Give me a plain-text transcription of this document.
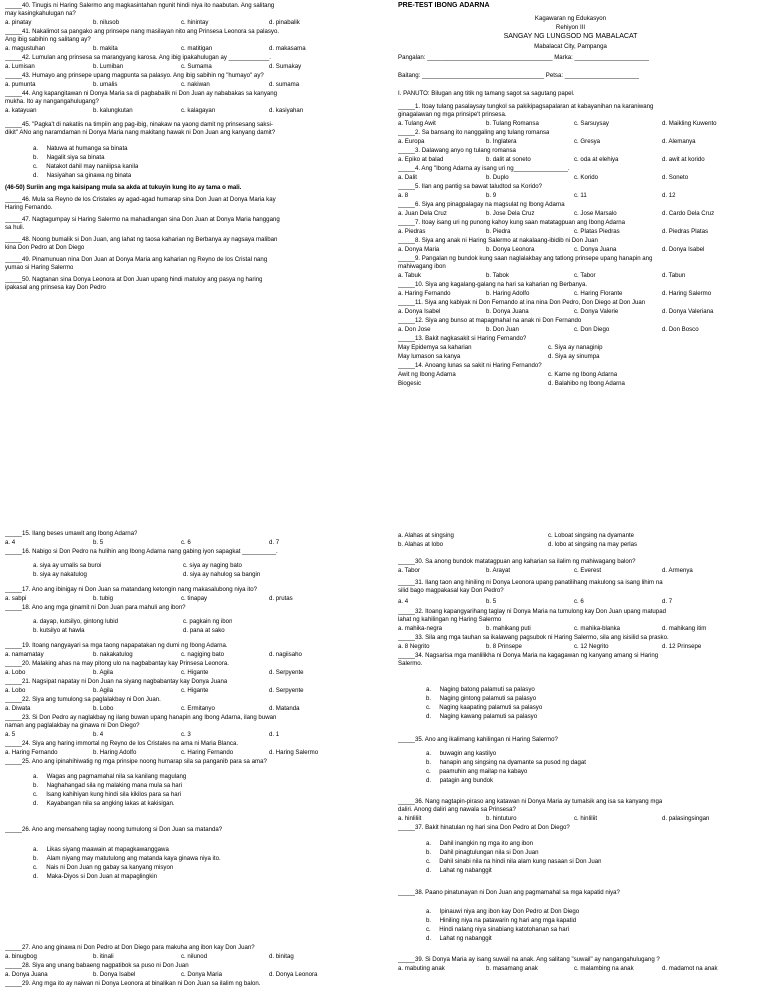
_____40. Tinugis ni Haring Salermo ang magkasintahan ngunit hindi niya ito naabutan. Ang salitang
may kasingkahulugan na?
a. pinatay	b. nilusob	c. hinintay	d. pinabalik
_____41. Nakalimot sa pangako ang prinsepe nang masilayan nito ang Prinsesa Leonora sa palasyo.
Ang ibig sabihin ng salitang ay?
a. magustuhan	b. makita	c. matitigan	d. makasama
_____42. Lumulan ang prinsesa sa marangyang karosa. Ang ibig ipakahulugan ay ____________.
a. Lumisan	b. Lumiban	c. Sumama	d. Sumakay
_____43. Humayo ang prinsepe upang magpunta sa palasyo. Ang ibig sabihin ng "humayo" ay?
a. pumunta	b. umalis	c. nakiwan	d. sumama
_____44. Ang kapangitawan ni Donya Maria sa di pagbabalik ni Don Juan ay nababakas sa kanyang
mukha. Ito ay nangangahulugang?
a. katayuan	b. kalungkutan	c. kalagayan	d. kasiyahan
_____45. "Pagka't di nakatiis na timpiin ang pag-ibig, ninakaw na yaong damit ng prinsesang saksi-
dikit" ANo ang naramdaman ni Donya Maria nang makitang hawak ni Don Juan ang kanyang damit?
a.     Natuwa at humanga sa binata
b.     Nagalit siya sa binata
c.     Natakot dahil may naniiipsa kanila
d.     Nasiyahan sa ginawa ng binata
(46-50) Suriin ang mga kaisipang mula sa akda at tukuyin kung ito ay tama o mali.
_____46. Mula sa Reyno de los Cristales ay agad-agad humarap sina Don Juan at Donya Maria kay
Haring Fernando.
_____47. Nagtagumpay si Haring Salermo na mahadlangan sina Don Juan at Donya Maria hanggang
sa huli.
_____48. Noong bumalik si Don Juan, ang lahat ng taosa kaharian ng Berbanya ay nagsaya maliban
kina Don Pedro at Don Diego
_____49. Pinamunuan nina Don Juan at Donya Maria ang kaharian ng Reyno de los Cristal nang
yumao si Haring Salermo
_____50. Nagtanan sina Donya Leonora at Don Juan upang hindi matuloy ang pasya ng haring
ipakasal ang prinsesa kay Don Pedro
PRE-TEST IBONG ADARNA
Kagawaran ng Edukasyon
Rehiyon III
SANGAY NG LUNGSOD NG MABALACAT
Mabalacat City, Pampanga
Pangalan: _____________________________________ Marka: ______________________
Baitang: ____________________________________ Petsa: ______________________
I. PANUTO: Bilugan ang titik ng tamang sagot sa sagutang papel.
_____1. Itoay tulang pasalaysay tungkol sa pakikipagsapalaran at kabayanihan na karaniwang
ginagalawan ng mga prinsipe't prinsesa.
a. Tulang Awit	b. Tulang Romansa	c. Sarsuysay	d. Maikling Kuwento
_____2. Sa bansang ito nanggaling ang tulang romansa
a. Europa	b. Inglatera	c. Gresya	d. Alemanya
_____3. Dalawang anyo ng tulang romansa
a. Epiko at balad	b. dalit at soneto	c. oda at elehiya	d. awit at korido
_____4. Ang "Ibong Adarna ay isang uri ng________________.
a. Dalit	b. Duplo	c. Korido	d. Soneto
_____5. Ilan ang pantig sa bawat taludtod sa Korido?
a. 8	b. 9	c. 11	d. 12
_____6. Siya ang pinagpalagay na magsulat ng Ibong Adarna
a. Juan Dela Cruz	b. Jose Dela Cruz	c. Jose Marsalo	d. Cardo Dela Cruz
_____7. Itoay isang uri ng punong kahoy kung saan matatagpuan ang Ibong Adarna
a. Piedras	b. Piedra	c. Platas Piedras	d. Piedras Platas
_____8. Siya ang anak ni Haring Salermo at nakalaang-ibidib ni Don Juan
a. Donya Maria	b. Donya Leonora	c. Donya Juana	d. Donya Isabel
_____9. Pangalan ng bundok kung saan naglalakbay ang tatlong prinsepe upang hanapin ang
mahiwagang ibon
a. Tabuk	b. Tabok	c. Tabor	d. Tabun
_____10. Siya ang kagalang-galang na hari sa kaharian ng Berbanya.
a. Haring Fernando	b. Haring Adolfo	c. Haring Florante	d. Haring Salermo
_____11. Siya ang kabiyak ni Don Fernando at ina nina Don Pedro, Don Diego at Don Juan
a. Donya Isabel	b. Donya Juana	c. Donya Valerie	d. Donya Valeriana
_____12. Siya ang bunso at mapagmahal na anak ni Don Fernando
a. Don Jose	b. Don Juan	c. Don Diego	d. Don Bosco
_____13. Bakit nagkasakit si Haring Fernando?
May Epidemya sa kaharian	c. Siya ay nanaginip
May lumason sa kanya	d. Siya ay sinumpa
_____14. Anoang lunas sa sakit ni Haring Fernando?
Awit ng Ibong Adarna	c. Karne ng Ibong Adarna
Biogesic	d. Balahibo ng Ibong Adarna
_____15. Ilang beses umawit ang Ibong Adarna?
a. 4	b. 5	c. 6	d. 7
_____16. Nabigo si Don Pedro na hulihin ang Ibong Adarna nang gabing iyon sapagkat __________.
a. siya ay umalis sa buroi	c. siya ay naging bato
b. siya ay nakatulog	d. siya ay nahulog sa bangin
_____17. Ano ang ibinigay ni Don Juan sa matandang ketongin nang makasalubong niya ito?
a. sabpi	b. tubig	c. tinapay	d. prutas
_____18. Ano ang mga ginamit ni Don Juan para mahuli ang ibon?
a. dayap, kutsilyo, gintong lubid	c. pagkain ng ibon
b. kutsilyo at hawla	d. pana at sako
_____19. Itoang nangyayari sa mga taong napapatakan ng dumi ng Ibong Adarna.
a. namamatay	b. nakakatulog	c. nagiging bato	d. nagiisaho
_____20. Malaking ahas na may pitong ulo na nagbabantay kay Prinsesa Leonora.
a. Lobo	b. Agila	c. Higante	d. Serpyente
_____21. Nagsipat napatay ni Don Juan na siyang nagbabantay kay Donya Juana
a. Lobo	b. Agila	c. Higante	d. Serpyente
_____22. Siya ang tumulong sa paglalakbay ni Don Juan.
a. Diwata	b. Lobo	c. Ermitanyo	d. Matanda
_____23. Si Don Pedro ay naglakbay ng ilang buwan upang hanapin ang Ibong Adarna, ilang buwan
naman ang paglalakbay na ginawa ni Don Diego?
a. 5	b. 4	c. 3	d. 1
_____24. Siya ang haring immortal ng Reyno de los Cristales na ama ni Maria Blanca.
a. Haring Fernando	b. Haring Adolfo	c. Haring Fernando	d. Haring Salermo
_____25. Ano ang ipinahihiwatig ng mga prinsipe noong humarap sila sa panganib para sa ama?
a.     Wagas ang pagmamahal nila sa kanilang magulang
b.     Naghahangad sila ng malaking mana mula sa hari
c.     Isang kahihiyan kung hindi sila kikilos para sa hari
d.     Kayabangan nila sa angking lakas at kakisigan.
_____26. Ano ang mensaheng taglay noong tumulong si Don Juan sa matanda?
a.     Likas siyang maawain at mapagkawanggawa
b.     Alam niyang may matutulong ang matanda kaya ginawa niya ito.
c.     Nais ni Don Juan ng gabay sa kanyang misyon
d.     Maka-Diyos si Don Juan at mapaglingkin
_____27. Ano ang ginawa ni Don Pedro at Don Diego para makuha ang ibon kay Don Juan?
a. binugbog	b. itinali	c. nilunod	d. binitag
_____28. Siya ang unang babaeng nagpatibok sa puso ni Don Juan
a. Donya Juana	b. Donya Isabel	c. Donya Maria	d. Donya Leonora
_____29. Ang mga ito ay naiwan ni Donya Leonora at binalikan ni Don Juan sa ilalim ng balon.
a. Alahas at singsing	c. Loboat singsing na dyamante
b. Alahas at lobo	d. lobo at singsing na may perlas
_____30. Sa anong bundok matatagpuan ang kaharian sa ilalim ng mahiwagang balon?
a. Tabor	b. Arayat	c. Everest	d. Armenya
_____31. Ilang taon ang hiniling ni Donya Leonora upang panatilihang makulong sa isang lihim na
silid bago magpakasal kay Don Pedro?
a. 4	b. 5	c. 6	d. 7
_____32. Itoang kapangyarihang taglay ni Donya Maria na tumulong kay Don Juan upang matupad
lahat ng kahilingan ng Haring Salermo
a. mahika-negra	b. mahikang puti	c. mahika-blanka	d. mahikang itim
_____33. Sila ang mga tauhan sa ikalawang pagsubok ni Haring Salermo, sila ang isisilid sa prasko.
a. 8 Negrito	b. 8 Prinsepe	c. 12 Negrito	d. 12 Prinsepe
_____34. Nagsarisa mga manlilikha ni Donya Maria na kagagawan ng kanyang amang si Haring
Salermo.
a.     Naging batong palamuti sa palasyo
b.     Naging gintong palamuti sa palasyo
c.     Naging kaapating palamuti sa palasyo
d.     Naging kawang palamuti sa palasyo
_____35. Ano ang ikalimang kahilingan ni Haring Salermo?
a.     buwagin ang kastilyo
b.     hanapin ang singsing na dyamante sa pusod ng dagat
c.     paamuhin ang mailap na kabayo
d.     patagin ang bundok
_____36. Nang nagtapin-piraso ang katawan ni Donya Maria ay tumalsik ang isa sa kanyang mga
daliri. Anong daliri ang nawala sa Prinsesa?
a. hinliliit	b. hintuturo	c. hinliliit	d. palasingsingan
_____37. Bakit hinatulan ng hari sina Don Pedro at Don Diego?
a.     Dahil inangkin ng mga ito ang ibon
b.     Dahil pinagtulungan nila si Don Juan
c.     Dahil sinabi nila na hindi nila alam kung nasaan si Don Juan
d.     Lahat ng nabanggit
_____38. Paano pinatunayan ni Don Juan ang pagmamahal sa mga kapatid niya?
a.     Ipinauwi niya ang ibon kay Don Pedro at Don Diego
b.     Hiniling niya na patawarin ng hari ang mga kapatid
c.     Hindi nalang niya sinabiang katotohanan sa hari
d.     Lahat ng nabanggit
_____39. Si Donya Maria ay isang suwail na anak. Ang salitang "suwail" ay nangangahulugang ?
a. mabuting anak	b. masamang anak	c. malambing na anak	d. madamot na anak
